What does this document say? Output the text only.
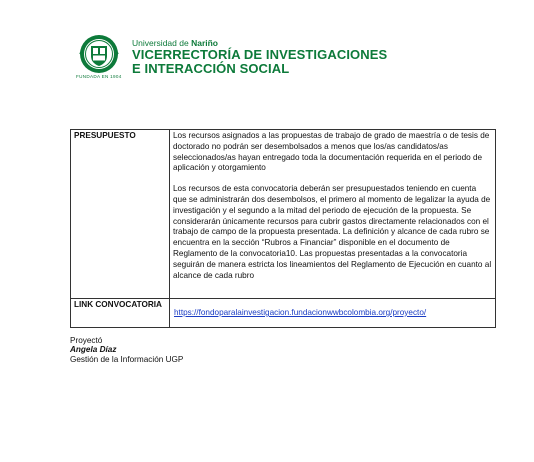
FUNDADA EN 1904
Universidad de Nariño
VICERRECTORÍA DE INVESTIGACIONES
E INTERACCIÓN SOCIAL
PRESUPUESTO	Los recursos asignados a las propuestas de trabajo de grado de maestría o de tesis de doctorado no podrán ser desembolsados a menos que los/as candidatos/as seleccionados/as hayan entregado toda la documentación requerida en el periodo de aplicación y otorgamiento

Los recursos de esta convocatoria deberán ser presupuestados teniendo en cuenta que se administrarán dos desembolsos, el primero al momento de legalizar la ayuda de investigación y el segundo a la mitad del periodo de ejecución de la propuesta. Se considerarán únicamente recursos para cubrir gastos directamente relacionados con el trabajo de campo de la propuesta presentada. La definición y alcance de cada rubro se encuentra en la sección “Rubros a Financiar” disponible en el documento de Reglamento de la convocatoria10. Las propuestas presentadas a la convocatoria seguirán de manera estricta los lineamientos del Reglamento de Ejecución en cuanto al alcance de cada rubro

LINK CONVOCATORIA	https://fondoparalainvestigacion.fundacionwwbcolombia.org/proyecto/
Proyectó
Angela Díaz
Gestión de la Información UGP
